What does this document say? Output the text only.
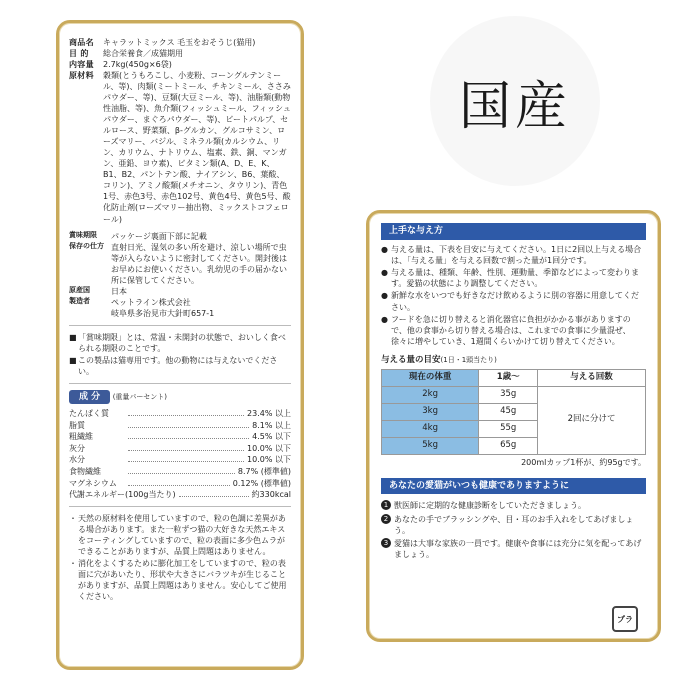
商品名	キャラットミックス 毛玉をおそうじ(猫用)
目 的	総合栄養食／成猫期用
内容量	2.7kg(450g×6袋)
原材料	穀類(とうもろこし、小麦粉、コーングルテンミール、等)、肉類(ミートミール、チキンミール、ささみパウダー、等)、豆類(大豆ミール、等)、油脂類(動物性油脂、等)、魚介類(フィッシュミール、フィッシュパウダー、まぐろパウダー、等)、ビートパルプ、セルロース、野菜類、β-グルカン、グルコサミン、ローズマリー、バジル、ミネラル類(カルシウム、リン、カリウム、ナトリウム、塩素、鉄、銅、マンガン、亜鉛、ヨウ素)、ビタミン類(A、D、E、K、B1、B2、パントテン酸、ナイアシン、B6、葉酸、コリン)、アミノ酸類(メチオニン、タウリン)、青色1号、赤色3号、赤色102号、黄色4号、黄色5号、酸化防止剤(ローズマリー抽出物、ミックストコフェロール)
賞味期限	パッケージ裏面下部に記載
保存の仕方 直射日光、湿気の多い所を避け、涼しい場所で虫等が入らないように密封してください。開封後はお早めにお使いください。乳幼児の手の届かない所に保管してください。
原産国	日本
製造者	ペットライン株式会社
岐阜県多治見市大針町657-1
■ 「賞味期限」とは、常温・未開封の状態で、おいしく食べられる期限のことです。
■ この製品は猫専用です。他の動物には与えないでください。
成 分 (重量パーセント)
たんぱく質	23.4% 以上
脂質	8.1% 以上
粗繊維	4.5% 以下
灰分	10.0% 以下
水分	10.0% 以下
食物繊維	8.7% (標準値)
マグネシウム	0.12% (標準値)
代謝エネルギー(100g当たり)	約330kcal
・ 天然の原材料を使用していますので、粒の色調に差異がある場合があります。また一粒ずつ猫の大好きな天然エキスをコーティングしていますので、粒の表面に多少色ムラができることがありますが、品質上問題はありません。
・ 消化をよくするために膨化加工をしていますので、粒の表面に穴があいたり、形状や大きさにバラツキが生じることがありますが、品質上問題はありません。安心してご使用ください。
国産
上手な与え方
● 与える量は、下表を目安に与えてください。1日に2回以上与える場合は、「与える量」を与える回数で割った量が1回分です。
● 与える量は、種類、年齢、性別、運動量、季節などによって変わります。愛猫の状態により調整してください。
● 新鮮な水をいつでも好きなだけ飲めるように別の容器に用意してください。
● フードを急に切り替えると消化器官に負担がかかる事がありますので、他の食事から切り替える場合は、これまでの食事に少量混ぜ、徐々に増やしていき、1週間くらいかけて切り替えてください。
与える量の目安(1日・1頭当たり)
現在の体重	1歳～	与える回数
2kg	35g	2回に分けて
3kg	45g	
4kg	55g	
5kg	65g	
200mlカップ1杯が、約95gです。
あなたの愛猫がいつも健康でありますように
1 獣医師に定期的な健康診断をしていただきましょう。
2 あなたの手でブラッシングや、目・耳のお手入れをしてあげましょう。
3 愛猫は大事な家族の一員です。健康や食事には充分に気を配ってあげましょう。
プラ
